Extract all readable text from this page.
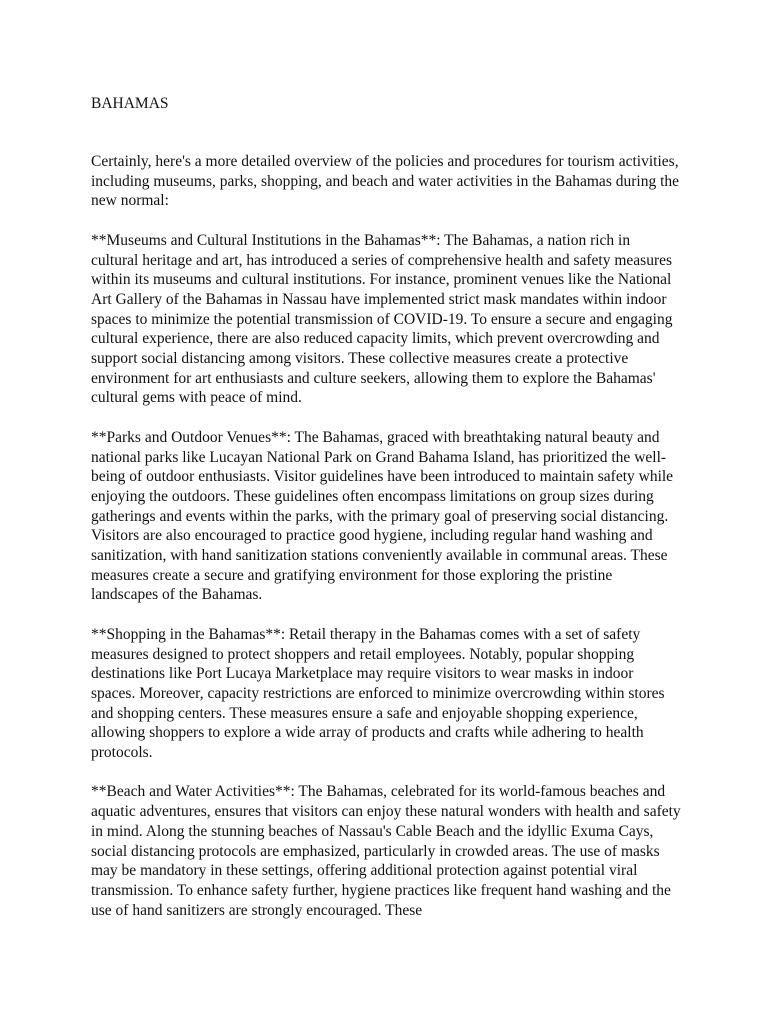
BAHAMAS

Certainly, here's a more detailed overview of the policies and procedures for tourism activities, including museums, parks, shopping, and beach and water activities in the Bahamas during the new normal:

**Museums and Cultural Institutions in the Bahamas**: The Bahamas, a nation rich in cultural heritage and art, has introduced a series of comprehensive health and safety measures within its museums and cultural institutions. For instance, prominent venues like the National Art Gallery of the Bahamas in Nassau have implemented strict mask mandates within indoor spaces to minimize the potential transmission of COVID-19. To ensure a secure and engaging cultural experience, there are also reduced capacity limits, which prevent overcrowding and support social distancing among visitors. These collective measures create a protective environment for art enthusiasts and culture seekers, allowing them to explore the Bahamas' cultural gems with peace of mind.

**Parks and Outdoor Venues**: The Bahamas, graced with breathtaking natural beauty and national parks like Lucayan National Park on Grand Bahama Island, has prioritized the well-being of outdoor enthusiasts. Visitor guidelines have been introduced to maintain safety while enjoying the outdoors. These guidelines often encompass limitations on group sizes during gatherings and events within the parks, with the primary goal of preserving social distancing. Visitors are also encouraged to practice good hygiene, including regular hand washing and sanitization, with hand sanitization stations conveniently available in communal areas. These measures create a secure and gratifying environment for those exploring the pristine landscapes of the Bahamas.

**Shopping in the Bahamas**: Retail therapy in the Bahamas comes with a set of safety measures designed to protect shoppers and retail employees. Notably, popular shopping destinations like Port Lucaya Marketplace may require visitors to wear masks in indoor spaces. Moreover, capacity restrictions are enforced to minimize overcrowding within stores and shopping centers. These measures ensure a safe and enjoyable shopping experience, allowing shoppers to explore a wide array of products and crafts while adhering to health protocols.

**Beach and Water Activities**: The Bahamas, celebrated for its world-famous beaches and aquatic adventures, ensures that visitors can enjoy these natural wonders with health and safety in mind. Along the stunning beaches of Nassau's Cable Beach and the idyllic Exuma Cays, social distancing protocols are emphasized, particularly in crowded areas. The use of masks may be mandatory in these settings, offering additional protection against potential viral transmission. To enhance safety further, hygiene practices like frequent hand washing and the use of hand sanitizers are strongly encouraged. These
